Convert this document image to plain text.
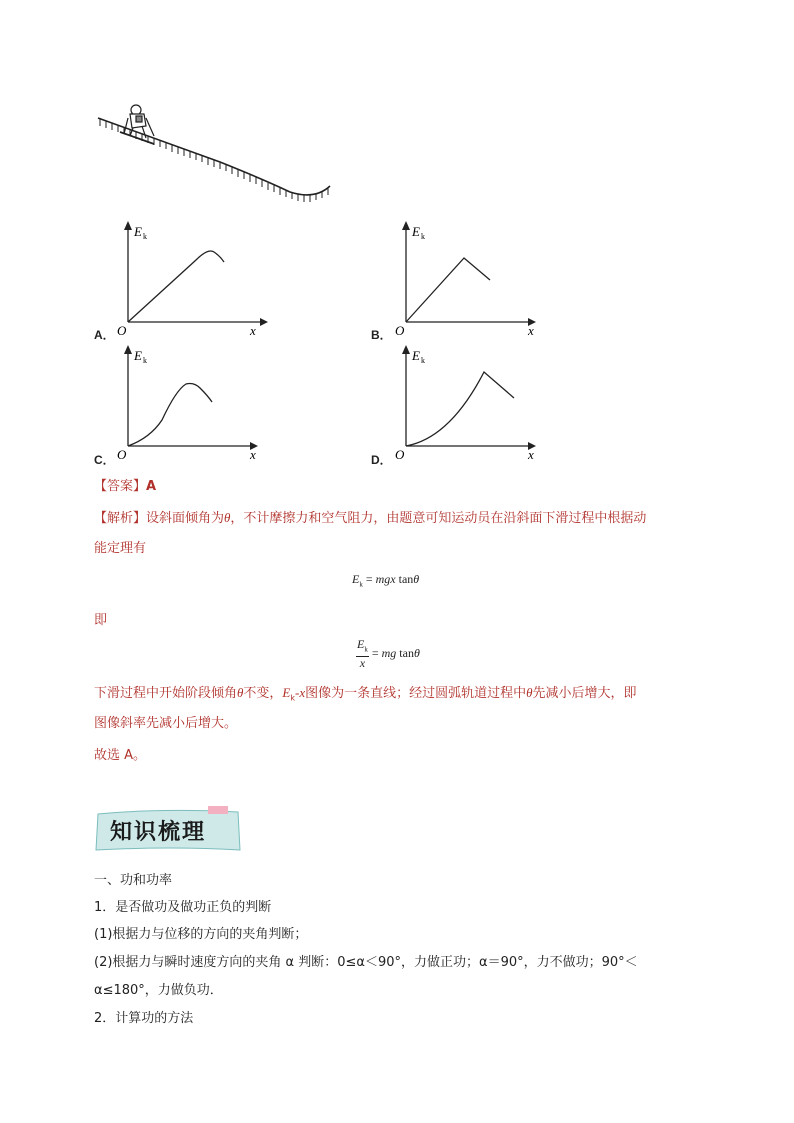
E k
O	x
A．
E k
O	x
B．
E k
O	x
C．
E k
O	x
D．
【答案】A
【解析】设斜面倾角为θ，不计摩擦力和空气阻力，由题意可知运动员在沿斜面下滑过程中根据动
能定理有
$E_k$ = mgx tanθ
即
$\frac{E_k}{x}$ = mg tanθ
下滑过程中开始阶段倾角θ不变，$E_k-x$图像为一条直线；经过圆弧轨道过程中θ先减小后增大，即
图像斜率先减小后增大。
故选 A。
知识梳理
一、功和功率
1．是否做功及做功正负的判断
(1)根据力与位移的方向的夹角判断；
(2)根据力与瞬时速度方向的夹角 α 判断：0≤α＜90°，力做正功；α＝90°，力不做功；90°＜
α≤180°，力做负功．
2．计算功的方法
